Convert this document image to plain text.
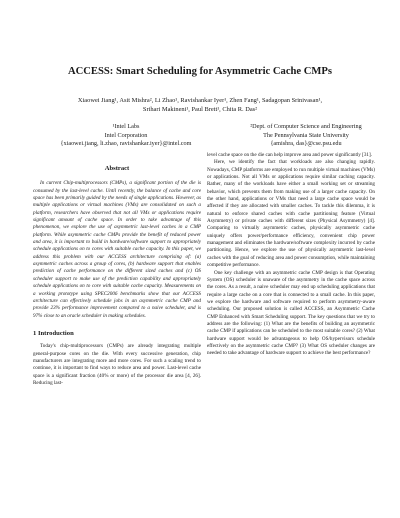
ACCESS: Smart Scheduling for Asymmetric Cache CMPs
Xiaowei Jiang¹, Asit Mishra², Li Zhao¹, Ravishankar Iyer¹, Zhen Fang¹, Sadagopan Srinivasan¹,
Srihari Makineni¹, Paul Brett¹, Chita R. Das²
¹Intel Labs
Intel Corporation
{xiaowei.jiang, li.zhao, ravishankar.iyer}@intel.com
²Dept. of Computer Science and Engineering
The Pennsylvania State University
{amishra, das}@cse.psu.edu
Abstract

In current Chip-multiprocessors (CMPs), a significant portion of the die is consumed by the last-level cache. Until recently, the balance of cache and core space has been primarily guided by the needs of single applications. However, as multiple applications or virtual machines (VMs) are consolidated on such a platform, researchers have observed that not all VMs or applications require significant amount of cache space. In order to take advantage of this phenomenon, we explore the use of asymmetric last-level caches in a CMP platform. While asymmetric cache CMPs provide the benefit of reduced power and area, it is important to build in hardware/software support to appropriately schedule applications on to cores with suitable cache capacity. In this paper, we address this problem with our ACCESS architecture comprising of: (a) asymmetric caches across a group of cores, (b) hardware support that enables prediction of cache performance on the different sized caches and (c) OS scheduler support to make use of the prediction capability and appropriately schedule applications on to core with suitable cache capacity. Measurements on a working prototype using SPEC2006 benchmarks show that our ACCESS architecture can effectively schedule jobs in an asymmetric cache CMP and provide 23% performance improvement compared to a naive scheduler, and is 97% close to an oracle scheduler in making schedules.

1 Introduction

Today's chip-multiprocessors (CMPs) are already integrating multiple general-purpose cores on the die. With every successive generation, chip manufacturers are integrating more and more cores. For such a scaling trend to continue, it is important to find ways to reduce area and power. Last-level cache space is a significant fraction (40% or more) of the processor die area [4, 26]. Reducing last-

level cache space on the die can help improve area and power significantly [31].

Here, we identify the fact that workloads are also changing rapidly. Nowadays, CMP platforms are employed to run multiple virtual machines (VMs) or applications. Not all VMs or applications require similar caching capacity. Rather, many of the workloads have either a small working set or streaming behavior, which prevents them from making use of a larger cache capacity. On the other hand, applications or VMs that need a large cache space would be affected if they are allocated with smaller caches. To tackle this dilemma, it is natural to enforce shared caches with cache partitioning feature (Virtual Asymmetry) or private caches with different sizes (Physical Asymmetry) [4]. Comparing to virtually asymmetric caches, physically asymmetric cache uniquely offers power/performance efficiency, convenient chip power management and eliminates the hardware/software complexity incurred by cache partitioning. Hence, we explore the use of physically asymmetric last-level caches with the goal of reducing area and power consumption, while maintaining competitive performance.

One key challenge with an asymmetric cache CMP design is that Operating System (OS) scheduler is unaware of the asymmetry in the cache space across the cores. As a result, a naive scheduler may end up scheduling applications that require a large cache on a core that is connected to a small cache. In this paper, we explore the hardware and software required to perform asymmetry-aware scheduling. Our proposed solution is called ACCESS, an Asymmetric Cache CMP Enhanced with Smart Scheduling support. The key questions that we try to address are the following: (1) What are the benefits of building an asymmetric cache CMP if applications can be scheduled to the most suitable cores? (2) What hardware support would be advantageous to help OS/hypervisors schedule effectively on the asymmetric cache CMP? (3) What OS scheduler changes are needed to take advantage of hardware support to achieve the best performance?
